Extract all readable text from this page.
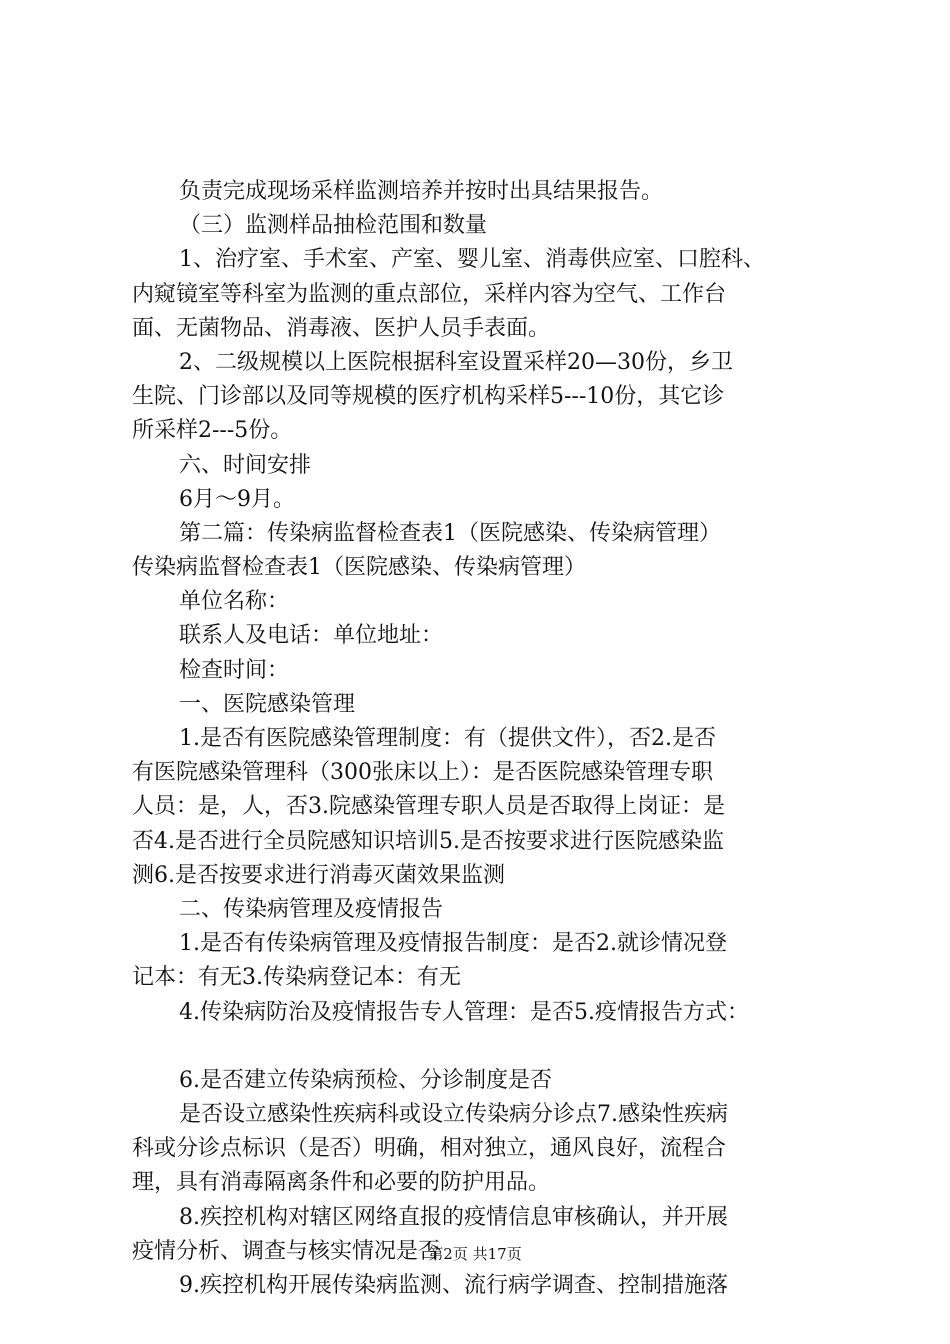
负责完成现场采样监测培养并按时出具结果报告。
（三）监测样品抽检范围和数量
1、治疗室、手术室、产室、婴儿室、消毒供应室、口腔科、
内窥镜室等科室为监测的重点部位，采样内容为空气、工作台
面、无菌物品、消毒液、医护人员手表面。
2、二级规模以上医院根据科室设置采样20—30份，乡卫
生院、门诊部以及同等规模的医疗机构采样5---10份，其它诊
所采样2---5份。
六、时间安排
6月～9月。
第二篇：传染病监督检查表1（医院感染、传染病管理）
传染病监督检查表1（医院感染、传染病管理）
单位名称：
联系人及电话：单位地址：
检查时间：
一、医院感染管理
1.是否有医院感染管理制度：有（提供文件），否2.是否
有医院感染管理科（300张床以上）：是否医院感染管理专职
人员：是，人，否3.院感染管理专职人员是否取得上岗证：是
否4.是否进行全员院感知识培训5.是否按要求进行医院感染监
测6.是否按要求进行消毒灭菌效果监测
二、传染病管理及疫情报告
1.是否有传染病管理及疫情报告制度：是否2.就诊情况登
记本：有无3.传染病登记本：有无
4.传染病防治及疫情报告专人管理：是否5.疫情报告方式：
6.是否建立传染病预检、分诊制度是否
是否设立感染性疾病科或设立传染病分诊点7.感染性疾病
科或分诊点标识（是否）明确，相对独立，通风良好，流程合
理，具有消毒隔离条件和必要的防护用品。
8.疾控机构对辖区网络直报的疫情信息审核确认，并开展
疫情分析、调查与核实情况是否
9.疾控机构开展传染病监测、流行病学调查、控制措施落
第2页 共17页
